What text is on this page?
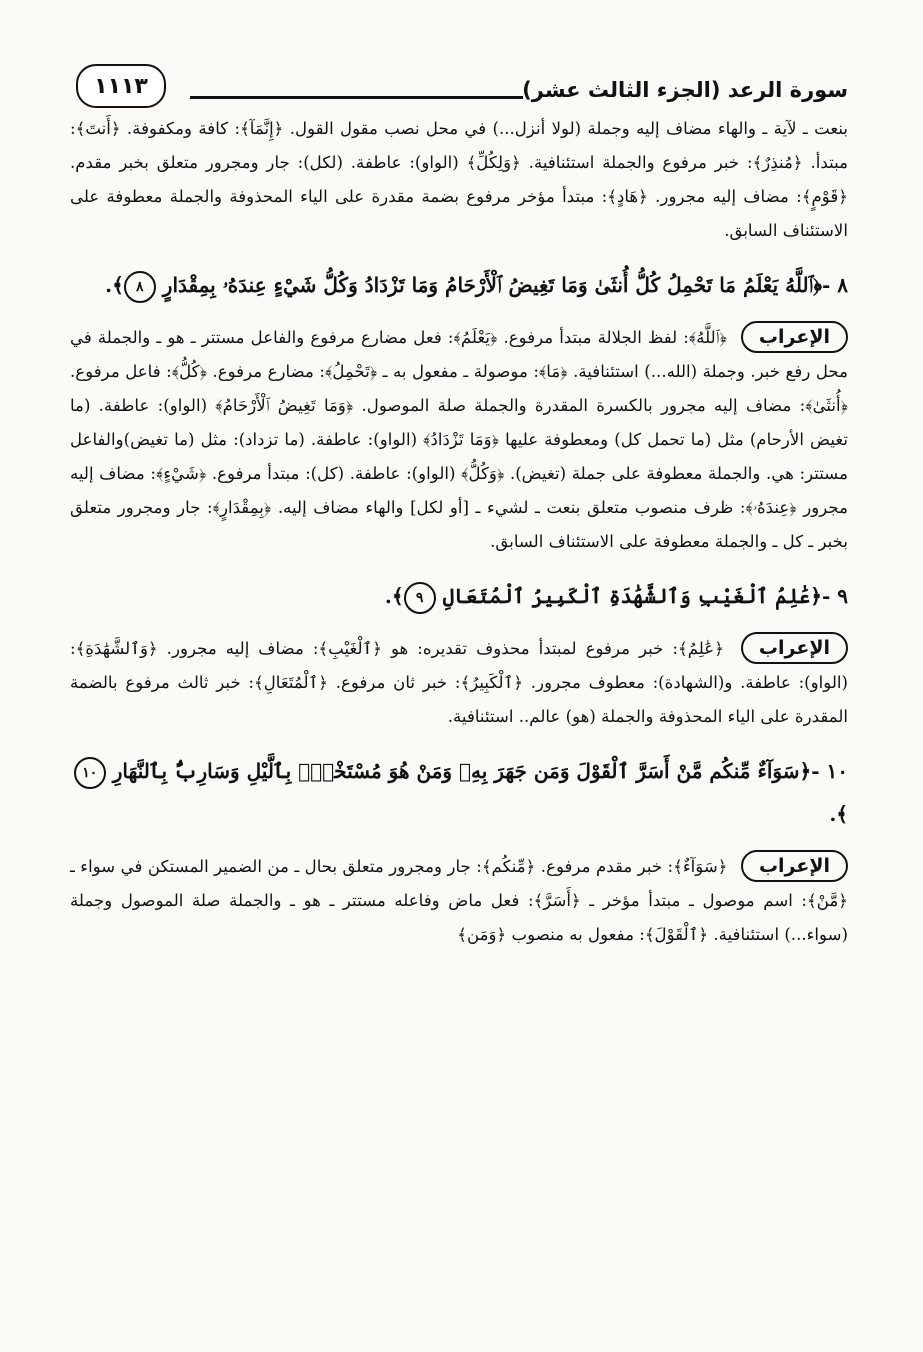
سورة الرعد (الجزء الثالث عشر)
١١١٣

بنعت ـ لآية ـ والهاء مضاف إليه وجملة (لولا أنزل...) في محل نصب مقول القول. ﴿إِنَّمَآ﴾: كافة ومكفوفة. ﴿أَنتَ﴾: مبتدأ. ﴿مُنذِرٌ﴾: خبر مرفوع والجملة استئنافية. ﴿وَلِكُلِّ﴾ (الواو): عاطفة. (لكل): جار ومجرور متعلق بخبر مقدم. ﴿قَوْمٍ﴾: مضاف إليه مجرور. ﴿هَادٍ﴾: مبتدأ مؤخر مرفوع بضمة مقدرة على الياء المحذوفة والجملة معطوفة على الاستئناف السابق.

٨ -﴿ٱللَّهُ يَعْلَمُ مَا تَحْمِلُ كُلُّ أُنثَىٰ وَمَا تَغِيضُ ٱلْأَرْحَامُ وَمَا تَزْدَادُ وَكُلُّ شَيْءٍ عِندَهُۥ بِمِقْدَارٍ ٨﴾.

الإعراب ﴿ٱللَّهُ﴾: لفظ الجلالة مبتدأ مرفوع. ﴿يَعْلَمُ﴾: فعل مضارع مرفوع والفاعل مستتر ـ هو ـ والجملة في محل رفع خبر. وجملة (الله...) استئنافية. ﴿مَا﴾: موصولة ـ مفعول به ـ ﴿تَحْمِلُ﴾: مضارع مرفوع. ﴿كُلُّ﴾: فاعل مرفوع. ﴿أُنثَىٰ﴾: مضاف إليه مجرور بالكسرة المقدرة والجملة صلة الموصول. ﴿وَمَا تَغِيضُ ٱلْأَرْحَامُ﴾ (الواو): عاطفة. (ما تغيض الأرحام) مثل (ما تحمل كل) ومعطوفة عليها ﴿وَمَا تَزْدَادُ﴾ (الواو): عاطفة. (ما تزداد): مثل (ما تغيض)والفاعل مستتر: هي. والجملة معطوفة على جملة (تغيض). ﴿وَكُلُّ﴾ (الواو): عاطفة. (كل): مبتدأ مرفوع. ﴿شَيْءٍ﴾: مضاف إليه مجرور ﴿عِندَهُۥ﴾: ظرف منصوب متعلق بنعت ـ لشيء ـ [أو لكل] والهاء مضاف إليه. ﴿بِمِقْدَارٍ﴾: جار ومجرور متعلق بخبر ـ كل ـ والجملة معطوفة على الاستئناف السابق.

٩ -﴿عَٰلِمُ ٱلْغَيْبِ وَٱلشَّهَٰدَةِ ٱلْكَبِيرُ ٱلْمُتَعَالِ ٩﴾.

الإعراب ﴿عَٰلِمُ﴾: خبر مرفوع لمبتدأ محذوف تقديره: هو ﴿ٱلْغَيْبِ﴾: مضاف إليه مجرور. ﴿وَٱلشَّهَٰدَةِ﴾: (الواو): عاطفة. و(الشهادة): معطوف مجرور. ﴿ٱلْكَبِيرُ﴾: خبر ثان مرفوع. ﴿ٱلْمُتَعَالِ﴾: خبر ثالث مرفوع بالضمة المقدرة على الياء المحذوفة والجملة (هو) عالم.. استئنافية.

١٠ -﴿سَوَآءٌ مِّنكُم مَّنْ أَسَرَّ ٱلْقَوْلَ وَمَن جَهَرَ بِهِۦ وَمَنْ هُوَ مُسْتَخْفٍۭ بِٱلَّيْلِ وَسَارِبٌۢ بِٱلنَّهَارِ ١٠﴾.

الإعراب ﴿سَوَآءٌ﴾: خبر مقدم مرفوع. ﴿مِّنكُم﴾: جار ومجرور متعلق بحال ـ من الضمير المستكن في سواء ـ ﴿مَّنْ﴾: اسم موصول ـ مبتدأ مؤخر ـ ﴿أَسَرَّ﴾: فعل ماض وفاعله مستتر ـ هو ـ والجملة صلة الموصول وجملة (سواء...) استئنافية. ﴿ٱلْقَوْلَ﴾: مفعول به منصوب ﴿وَمَن﴾
